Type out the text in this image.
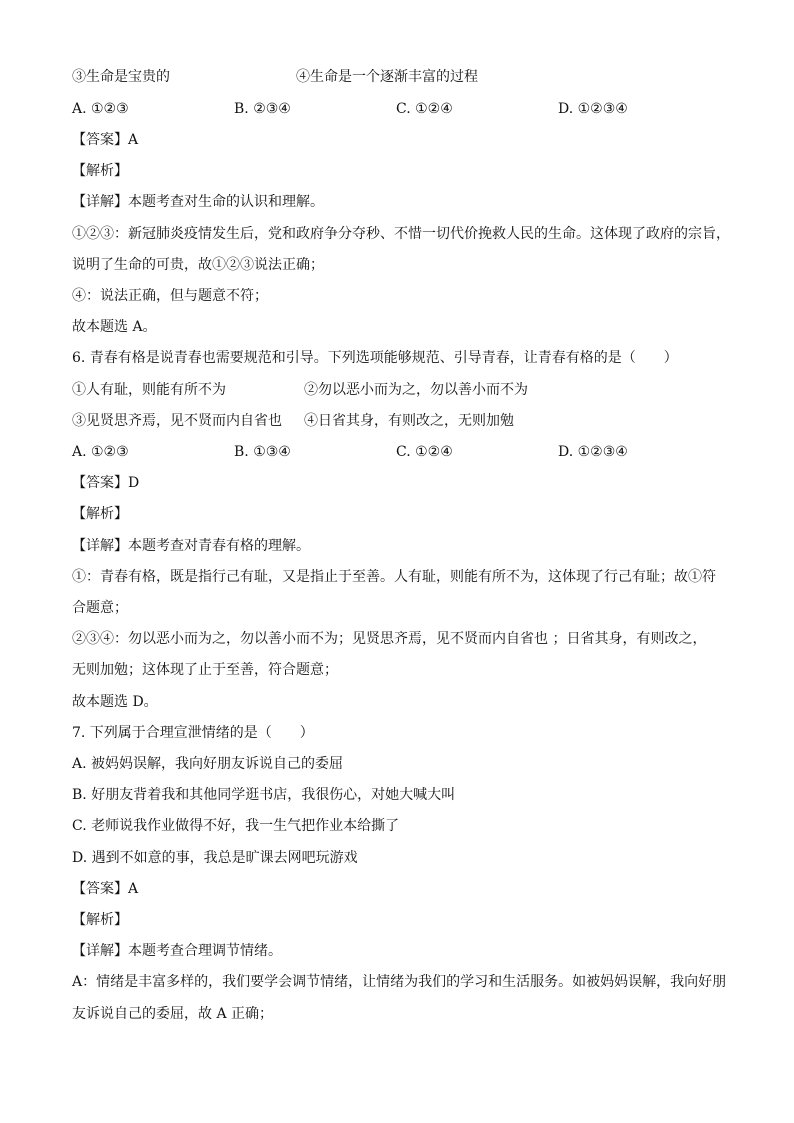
③生命是宝贵的	④生命是一个逐渐丰富的过程
A. ①②③	B. ②③④	C. ①②④	D. ①②③④
【答案】A
【解析】
【详解】本题考查对生命的认识和理解。
①②③：新冠肺炎疫情发生后，党和政府争分夺秒、不惜一切代价挽救人民的生命。这体现了政府的宗旨，
说明了生命的可贵，故①②③说法正确；
④：说法正确，但与题意不符；
故本题选 A。
6. 青春有格是说青春也需要规范和引导。下列选项能够规范、引导青春，让青春有格的是（　　）
①人有耻，则能有所不为	②勿以恶小而为之，勿以善小而不为
③见贤思齐焉，见不贤而内自省也 ④日省其身，有则改之，无则加勉
A. ①②③	B. ①③④	C. ①②④	D. ①②③④
【答案】D
【解析】
【详解】本题考查对青春有格的理解。
①：青春有格，既是指行己有耻，又是指止于至善。人有耻，则能有所不为，这体现了行己有耻；故①符
合题意；
②③④：勿以恶小而为之，勿以善小而不为；见贤思齐焉，见不贤而内自省也 ；日省其身，有则改之，
无则加勉；这体现了止于至善，符合题意；
故本题选 D。
7. 下列属于合理宣泄情绪的是（　　）
A. 被妈妈误解，我向好朋友诉说自己的委屈
B. 好朋友背着我和其他同学逛书店，我很伤心，对她大喊大叫
C. 老师说我作业做得不好，我一生气把作业本给撕了
D. 遇到不如意的事，我总是旷课去网吧玩游戏
【答案】A
【解析】
【详解】本题考查合理调节情绪。
A：情绪是丰富多样的，我们要学会调节情绪，让情绪为我们的学习和生活服务。如被妈妈误解，我向好朋
友诉说自己的委屈，故 A 正确；
